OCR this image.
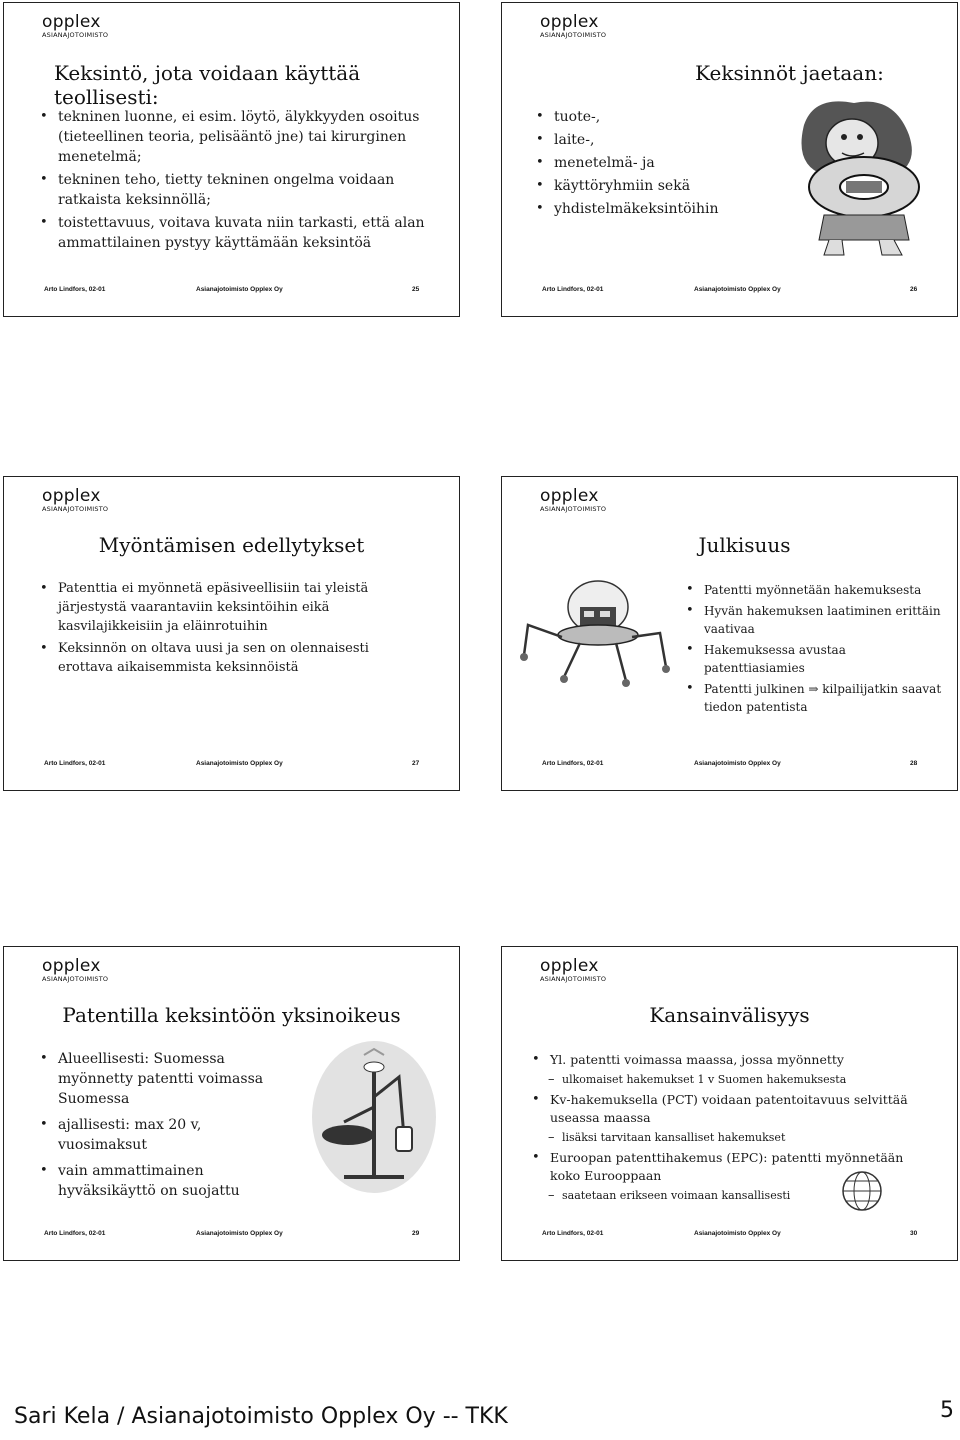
opplex
ASIANAJOTOIMISTO
Keksintö, jota voidaan käyttää teollisesti:
• tekninen luonne, ei esim. löytö, älykkyyden osoitus (tieteellinen teoria, pelisääntö jne) tai kirurginen menetelmä;
• tekninen teho, tietty tekninen ongelma voidaan ratkaista keksinnöllä;
• toistettavuus, voitava kuvata niin tarkasti, että alan ammattilainen pystyy käyttämään keksintöä
Arto Lindfors, 02-01	Asianajotoimisto Opplex Oy	25
opplex
ASIANAJOTOIMISTO
Keksinnöt jaetaan:
• tuote-,
• laite-,
• menetelmä- ja
• käyttöryhmiin sekä
• yhdistelmäkeksintöihin
Arto Lindfors, 02-01	Asianajotoimisto Opplex Oy	26
opplex
ASIANAJOTOIMISTO
Myöntämisen edellytykset
• Patenttia ei myönnetä epäsiveellisiin tai yleistä järjestystä vaarantaviin keksintöihin eikä kasvilajikkeisiin ja eläinrotuihin
• Keksinnön on oltava uusi ja sen on olennaisesti erottava aikaisemmista keksinnöistä
Arto Lindfors, 02-01	Asianajotoimisto Opplex Oy	27
opplex
ASIANAJOTOIMISTO
Julkisuus
• Patentti myönnetään hakemuksesta
• Hyvän hakemuksen laatiminen erittäin vaativaa
• Hakemuksessa avustaa patenttiasiamies
• Patentti julkinen ⇒ kilpailijatkin saavat tiedon patentista
Arto Lindfors, 02-01	Asianajotoimisto Opplex Oy	28
opplex
ASIANAJOTOIMISTO
Patentilla keksintöön yksinoikeus
• Alueellisesti: Suomessa myönnetty patentti voimassa Suomessa
• ajallisesti: max 20 v, vuosimaksut
• vain ammattimainen hyväksikäyttö on suojattu
Arto Lindfors, 02-01	Asianajotoimisto Opplex Oy	29
opplex
ASIANAJOTOIMISTO
Kansainvälisyys
• Yl. patentti voimassa maassa, jossa myönnetty
– ulkomaiset hakemukset 1 v Suomen hakemuksesta
• Kv-hakemuksella (PCT) voidaan patentoitavuus selvittää useassa maassa
– lisäksi tarvitaan kansalliset hakemukset
• Euroopan patenttihakemus (EPC): patentti myönnetään koko Eurooppaan
– saatetaan erikseen voimaan kansallisesti
Arto Lindfors, 02-01	Asianajotoimisto Opplex Oy	30
Sari Kela / Asianajotoimisto Opplex Oy -- TKK	5
